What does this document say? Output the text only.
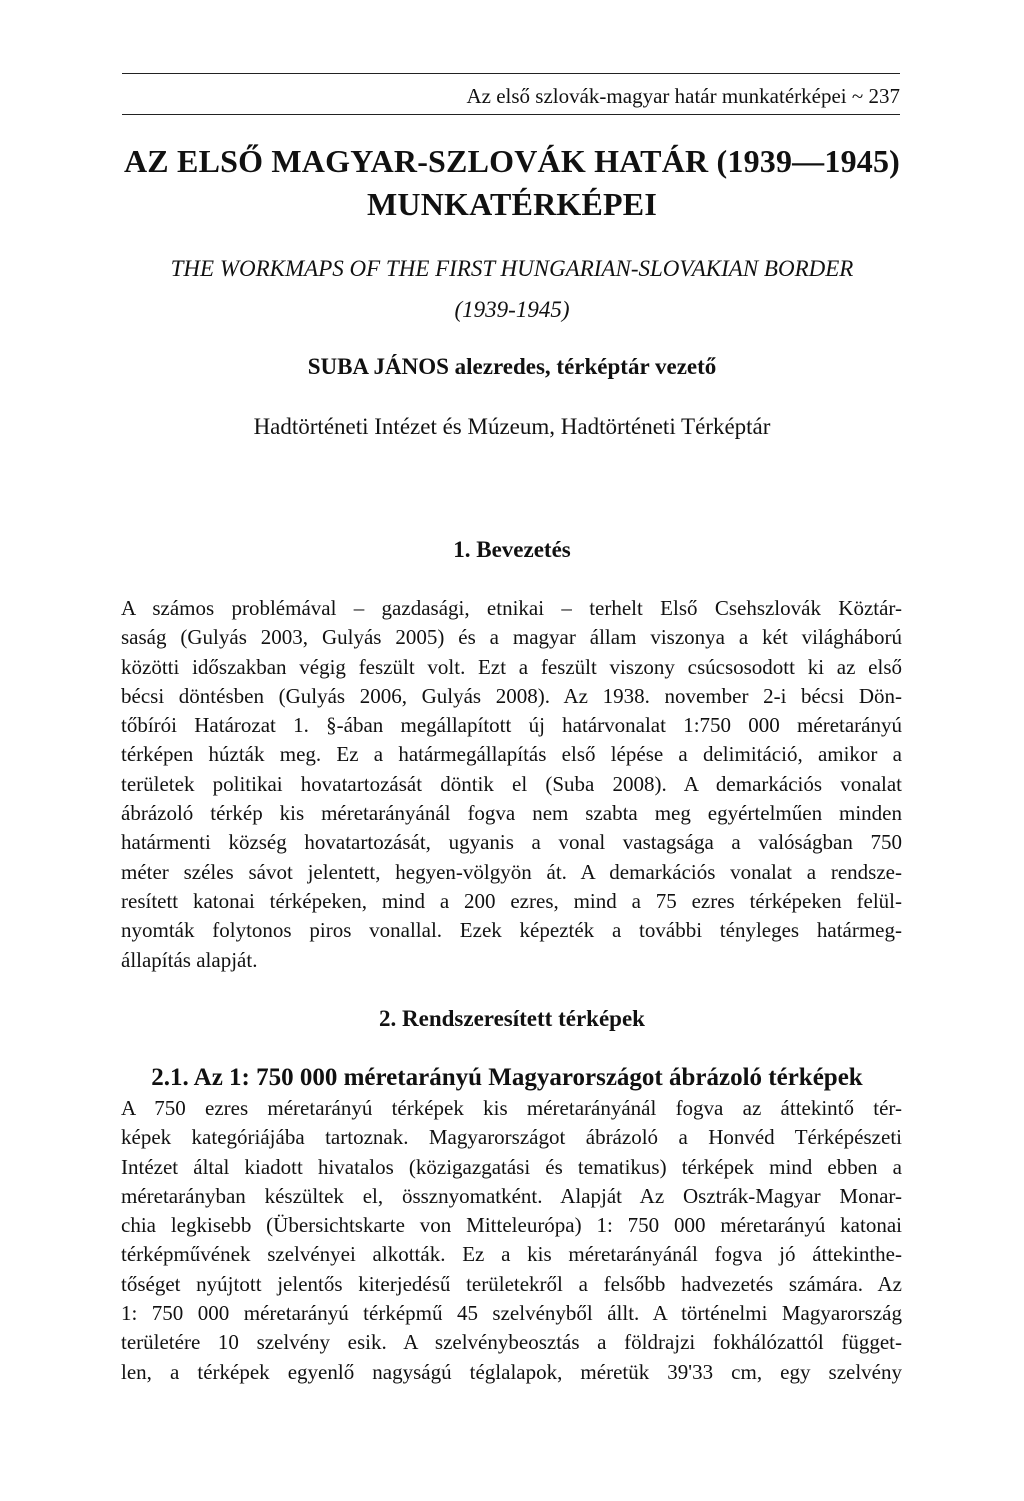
Az első szlovák-magyar határ munkatérképei ~ 237
AZ ELSŐ MAGYAR-SZLOVÁK HATÁR (1939—1945)
MUNKATÉRKÉPEI
THE WORKMAPS OF THE FIRST HUNGARIAN-SLOVAKIAN BORDER
(1939-1945)
SUBA JÁNOS alezredes, térképtár vezető
Hadtörténeti Intézet és Múzeum, Hadtörténeti Térképtár
1. Bevezetés
A számos problémával – gazdasági, etnikai – terhelt Első Csehszlovák Köztár-
saság (Gulyás 2003, Gulyás 2005) és a magyar állam viszonya a két világháború
közötti időszakban végig feszült volt. Ezt a feszült viszony csúcsosodott ki az első
bécsi döntésben (Gulyás 2006, Gulyás 2008). Az 1938. november 2-i bécsi Dön-
tőbírói Határozat 1. §-ában megállapított új határvonalat 1:750 000 méretarányú
térképen húzták meg. Ez a határmegállapítás első lépése a delimitáció, amikor a
területek politikai hovatartozását döntik el (Suba 2008). A demarkációs vonalat
ábrázoló térkép kis méretarányánál fogva nem szabta meg egyértelműen minden
határmenti község hovatartozását, ugyanis a vonal vastagsága a valóságban 750
méter széles sávot jelentett, hegyen-völgyön át. A demarkációs vonalat a rendsze-
resített katonai térképeken, mind a 200 ezres, mind a 75 ezres térképeken felül-
nyomták folytonos piros vonallal. Ezek képezték a további tényleges határmeg-
állapítás alapját.
2. Rendszeresített térképek
2.1. Az 1: 750 000 méretarányú Magyarországot ábrázoló térképek
A 750 ezres méretarányú térképek kis méretarányánál fogva az áttekintő tér-
képek kategóriájába tartoznak. Magyarországot ábrázoló a Honvéd Térképészeti
Intézet által kiadott hivatalos (közigazgatási és tematikus) térképek mind ebben a
méretarányban készültek el, össznyomatként. Alapját Az Osztrák-Magyar Monar-
chia legkisebb (Übersichtskarte von Mitteleurópa) 1: 750 000 méretarányú katonai
térképművének szelvényei alkották. Ez a kis méretarányánál fogva jó áttekinthe-
tőséget nyújtott jelentős kiterjedésű területekről a felsőbb hadvezetés számára. Az
1: 750 000 méretarányú térképmű 45 szelvényből állt. A történelmi Magyarország
területére 10 szelvény esik. A szelvénybeosztás a földrajzi fokhálózattól függet-
len, a térképek egyenlő nagyságú téglalapok, méretük 39'33 cm, egy szelvény
